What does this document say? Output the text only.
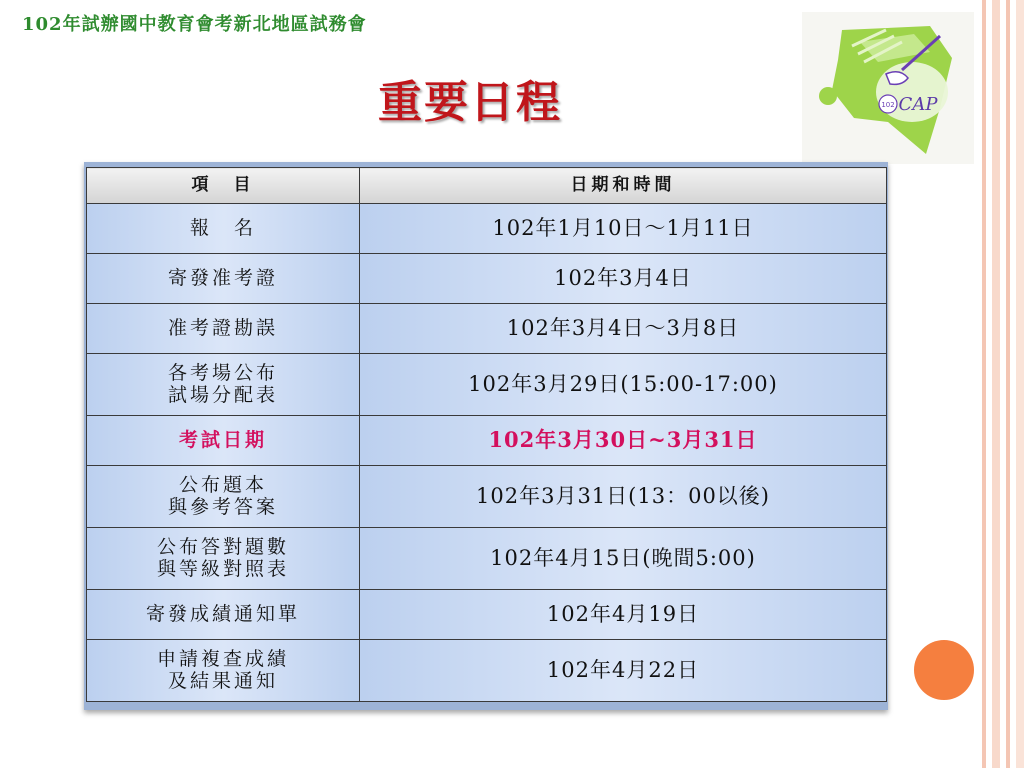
102年試辦國中教育會考新北地區試務會
重要日程	102 CAP
項　目	日期和時間
報　名	102年1月10日～1月11日
寄發准考證	102年3月4日
准考證勘誤	102年3月4日～3月8日
各考場公布
試場分配表	102年3月29日(15:00-17:00)
考試日期	102年3月30日~3月31日
公布題本
與參考答案	102年3月31日(13：00以後)
公布答對題數
與等級對照表	102年4月15日(晚間5:00)
寄發成績通知單	102年4月19日
申請複查成績
及結果通知	102年4月22日
